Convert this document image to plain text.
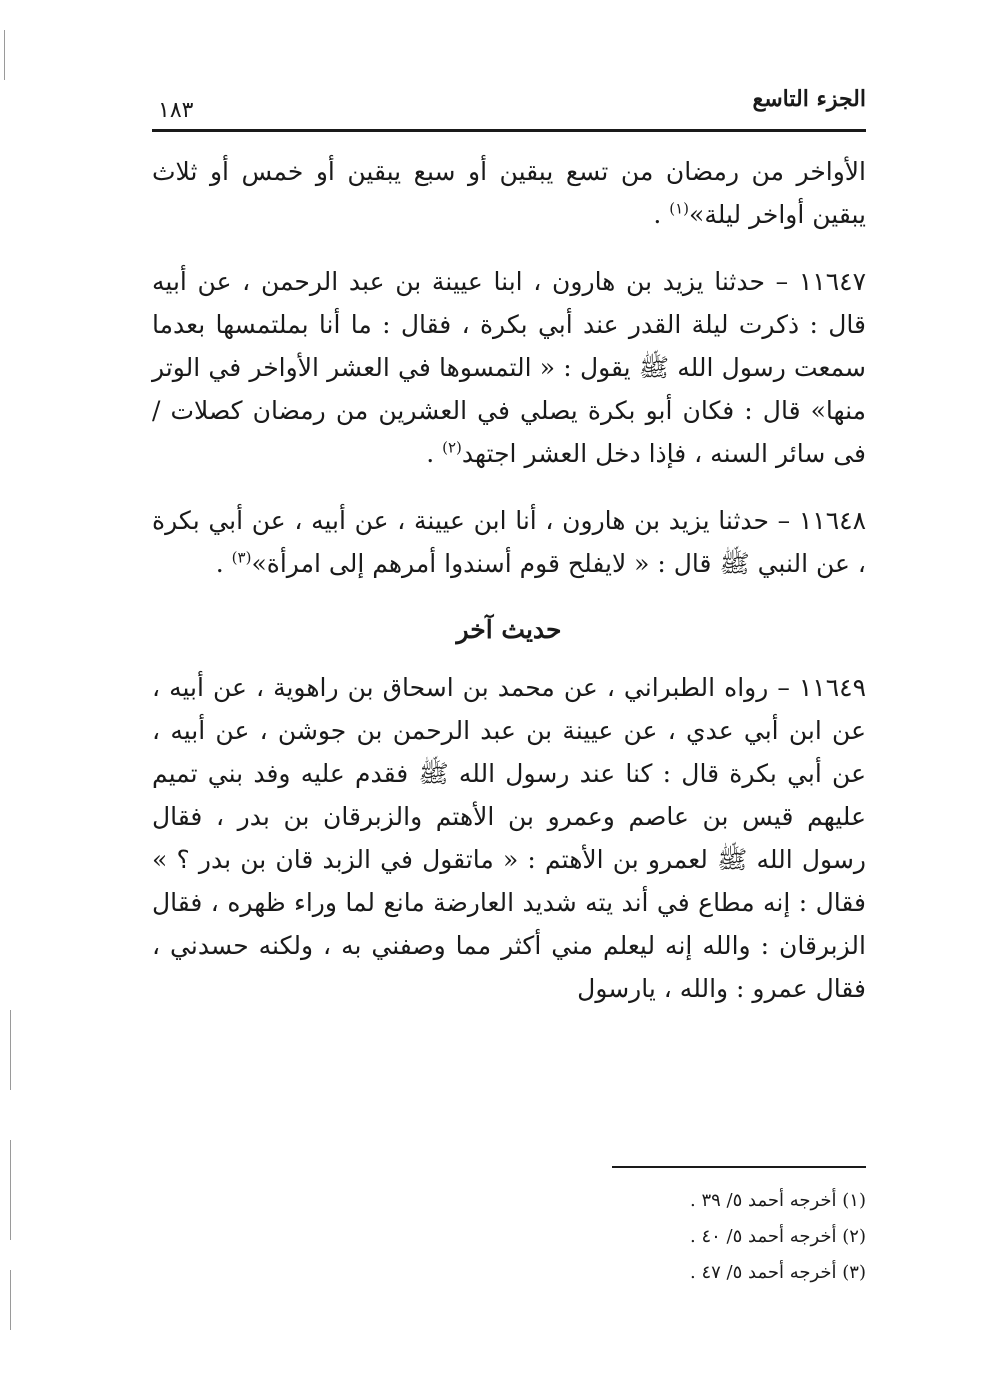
١٨٣	الجزء التاسع

الأواخر من رمضان من تسع يبقين أو سبع يبقين أو خمس أو ثلاث يبقين أواخر ليلة»$^{(١)}$ .

١١٦٤٧ – حدثنا يزيد بن هارون ، ابنا عيينة بن عبد الرحمن ، عن أبيه قال : ذكرت ليلة القدر عند أبي بكرة ، فقال : ما أنا بملتمسها بعدما سمعت رسول الله ﷺ يقول : « التمسوها في العشر الأواخر في الوتر منها» قال : فكان أبو بكرة يصلي في العشرين من رمضان كصلات / فى سائر السنه ، فإذا دخل العشر اجتهد$^{(٢)}$ .

١١٦٤٨ – حدثنا يزيد بن هارون ، أنا ابن عيينة ، عن أبيه ، عن أبي بكرة ، عن النبي ﷺ قال : « لايفلح قوم أسندوا أمرهم إلى امرأة»$^{(٣)}$ .

حديث آخر

١١٦٤٩ – رواه الطبراني ، عن محمد بن اسحاق بن راهوية ، عن أبيه ، عن ابن أبي عدي ، عن عيينة بن عبد الرحمن بن جوشن ، عن أبيه ، عن أبي بكرة قال : كنا عند رسول الله ﷺ فقدم عليه وفد بني تميم عليهم قيس بن عاصم وعمرو بن الأهتم والزبرقان بن بدر ، فقال رسول الله ﷺ لعمرو بن الأهتم : « ماتقول في الزبد قان بن بدر ؟ » فقال : إنه مطاع في أند يته شديد العارضة مانع لما وراء ظهره ، فقال الزبرقان : والله إنه ليعلم مني أكثر مما وصفني به ، ولكنه حسدني ، فقال عمرو : والله ، يارسول

(١) أخرجه أحمد ٥/ ٣٩ .
(٢) أخرجه أحمد ٥/ ٤٠ .
(٣) أخرجه أحمد ٥/ ٤٧ .
